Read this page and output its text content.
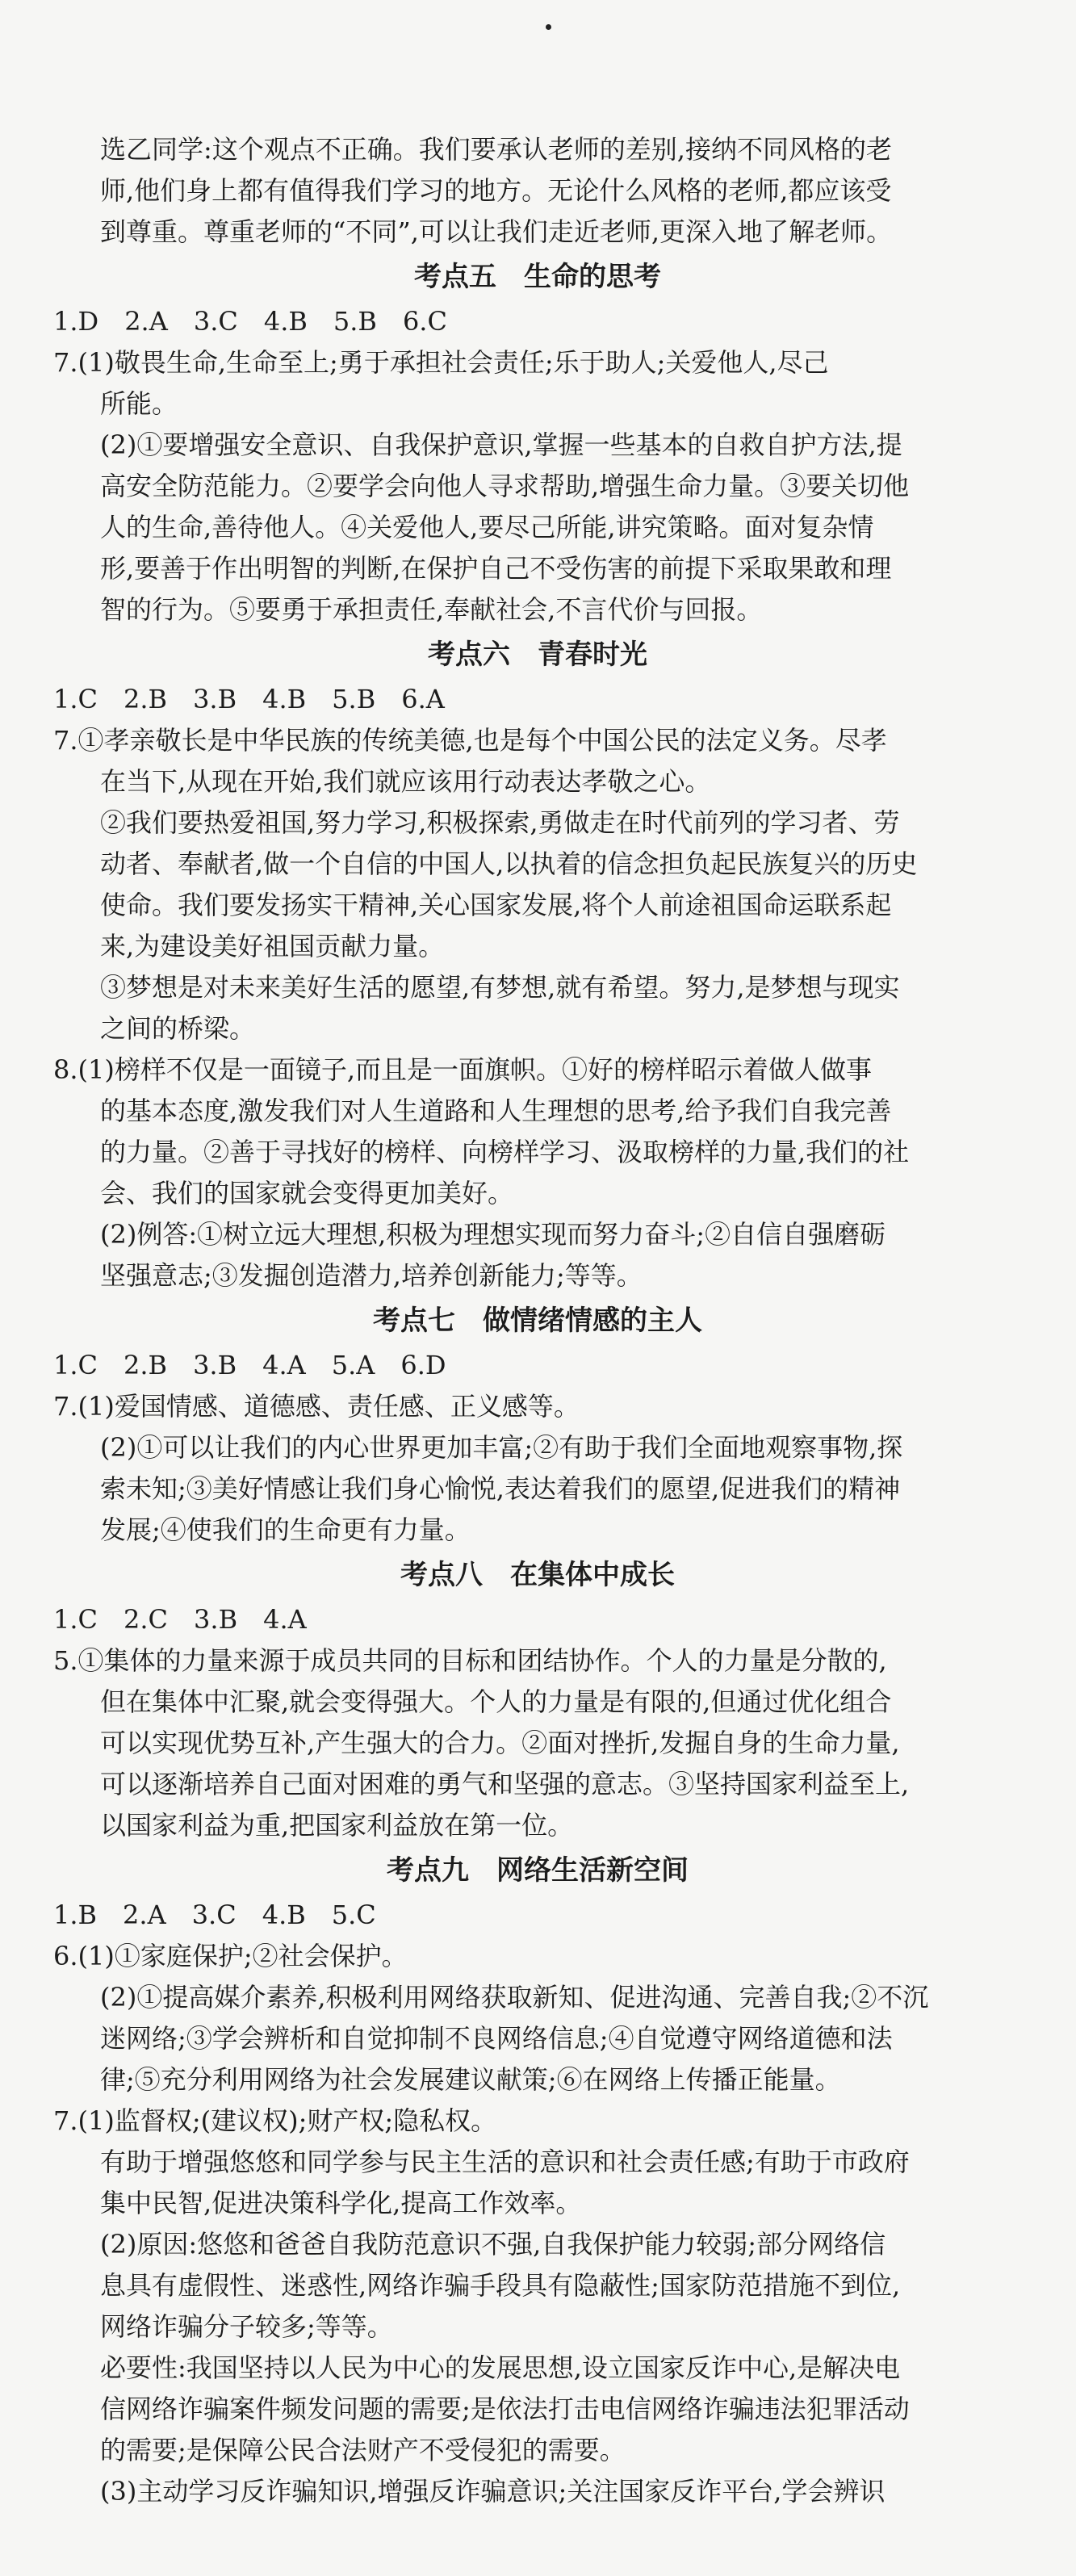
选乙同学:这个观点不正确。我们要承认老师的差别,接纳不同风格的老
师,他们身上都有值得我们学习的地方。无论什么风格的老师,都应该受
到尊重。尊重老师的“不同”,可以让我们走近老师,更深入地了解老师。
考点五　生命的思考
1.D　2.A　3.C　4.B　5.B　6.C
7.(1)敬畏生命,生命至上;勇于承担社会责任;乐于助人;关爱他人,尽己
所能。
(2)①要增强安全意识、自我保护意识,掌握一些基本的自救自护方法,提
高安全防范能力。②要学会向他人寻求帮助,增强生命力量。③要关切他
人的生命,善待他人。④关爱他人,要尽己所能,讲究策略。面对复杂情
形,要善于作出明智的判断,在保护自己不受伤害的前提下采取果敢和理
智的行为。⑤要勇于承担责任,奉献社会,不言代价与回报。
考点六　青春时光
1.C　2.B　3.B　4.B　5.B　6.A
7.①孝亲敬长是中华民族的传统美德,也是每个中国公民的法定义务。尽孝
在当下,从现在开始,我们就应该用行动表达孝敬之心。
②我们要热爱祖国,努力学习,积极探索,勇做走在时代前列的学习者、劳
动者、奉献者,做一个自信的中国人,以执着的信念担负起民族复兴的历史
使命。我们要发扬实干精神,关心国家发展,将个人前途祖国命运联系起
来,为建设美好祖国贡献力量。
③梦想是对未来美好生活的愿望,有梦想,就有希望。努力,是梦想与现实
之间的桥梁。
8.(1)榜样不仅是一面镜子,而且是一面旗帜。①好的榜样昭示着做人做事
的基本态度,激发我们对人生道路和人生理想的思考,给予我们自我完善
的力量。②善于寻找好的榜样、向榜样学习、汲取榜样的力量,我们的社
会、我们的国家就会变得更加美好。
(2)例答:①树立远大理想,积极为理想实现而努力奋斗;②自信自强磨砺
坚强意志;③发掘创造潜力,培养创新能力;等等。
考点七　做情绪情感的主人
1.C　2.B　3.B　4.A　5.A　6.D
7.(1)爱国情感、道德感、责任感、正义感等。
(2)①可以让我们的内心世界更加丰富;②有助于我们全面地观察事物,探
索未知;③美好情感让我们身心愉悦,表达着我们的愿望,促进我们的精神
发展;④使我们的生命更有力量。
考点八　在集体中成长
1.C　2.C　3.B　4.A
5.①集体的力量来源于成员共同的目标和团结协作。个人的力量是分散的,
但在集体中汇聚,就会变得强大。个人的力量是有限的,但通过优化组合
可以实现优势互补,产生强大的合力。②面对挫折,发掘自身的生命力量,
可以逐渐培养自己面对困难的勇气和坚强的意志。③坚持国家利益至上,
以国家利益为重,把国家利益放在第一位。
考点九　网络生活新空间
1.B　2.A　3.C　4.B　5.C
6.(1)①家庭保护;②社会保护。
(2)①提高媒介素养,积极利用网络获取新知、促进沟通、完善自我;②不沉
迷网络;③学会辨析和自觉抑制不良网络信息;④自觉遵守网络道德和法
律;⑤充分利用网络为社会发展建议献策;⑥在网络上传播正能量。
7.(1)监督权;(建议权);财产权;隐私权。
有助于增强悠悠和同学参与民主生活的意识和社会责任感;有助于市政府
集中民智,促进决策科学化,提高工作效率。
(2)原因:悠悠和爸爸自我防范意识不强,自我保护能力较弱;部分网络信
息具有虚假性、迷惑性,网络诈骗手段具有隐蔽性;国家防范措施不到位,
网络诈骗分子较多;等等。
必要性:我国坚持以人民为中心的发展思想,设立国家反诈中心,是解决电
信网络诈骗案件频发问题的需要;是依法打击电信网络诈骗违法犯罪活动
的需要;是保障公民合法财产不受侵犯的需要。
(3)主动学习反诈骗知识,增强反诈骗意识;关注国家反诈平台,学会辨识
